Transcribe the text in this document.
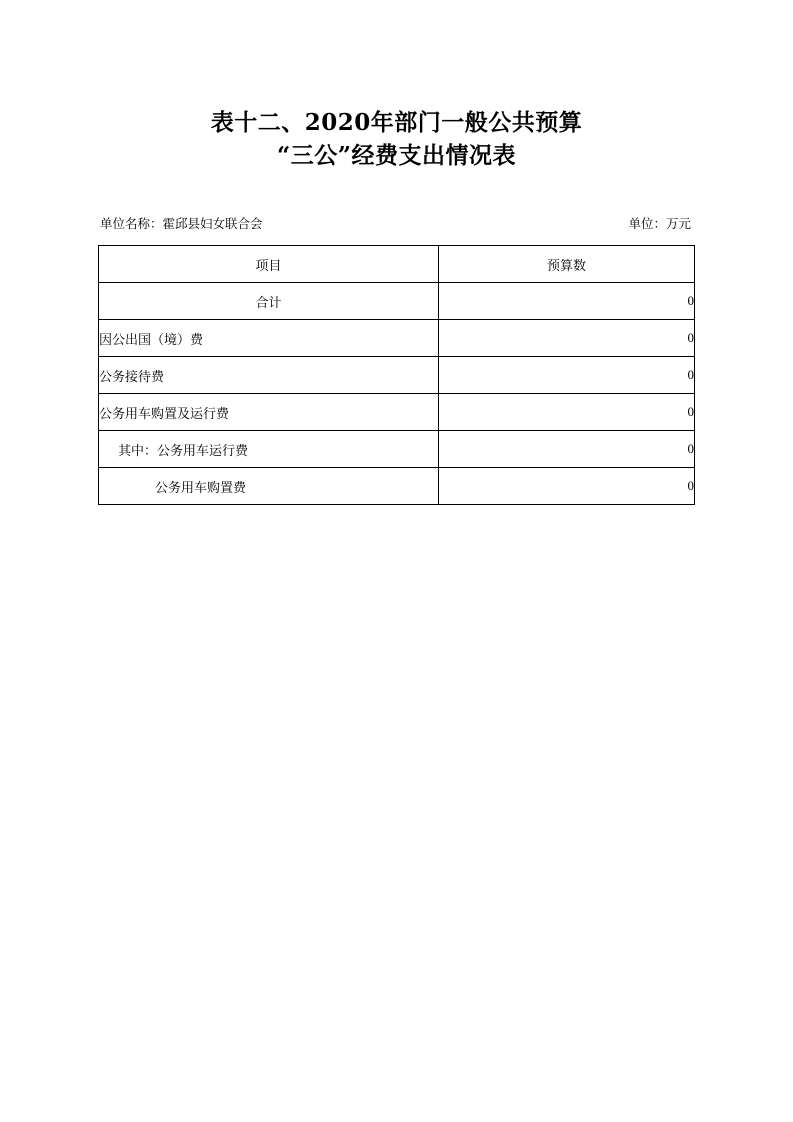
表十二、2020年部门一般公共预算
“三公”经费支出情况表
单位名称：霍邱县妇女联合会	单位：万元
项目	预算数
合计	0
因公出国（境）费	0
公务接待费	0
公务用车购置及运行费	0
其中：公务用车运行费	0
公务用车购置费	0
